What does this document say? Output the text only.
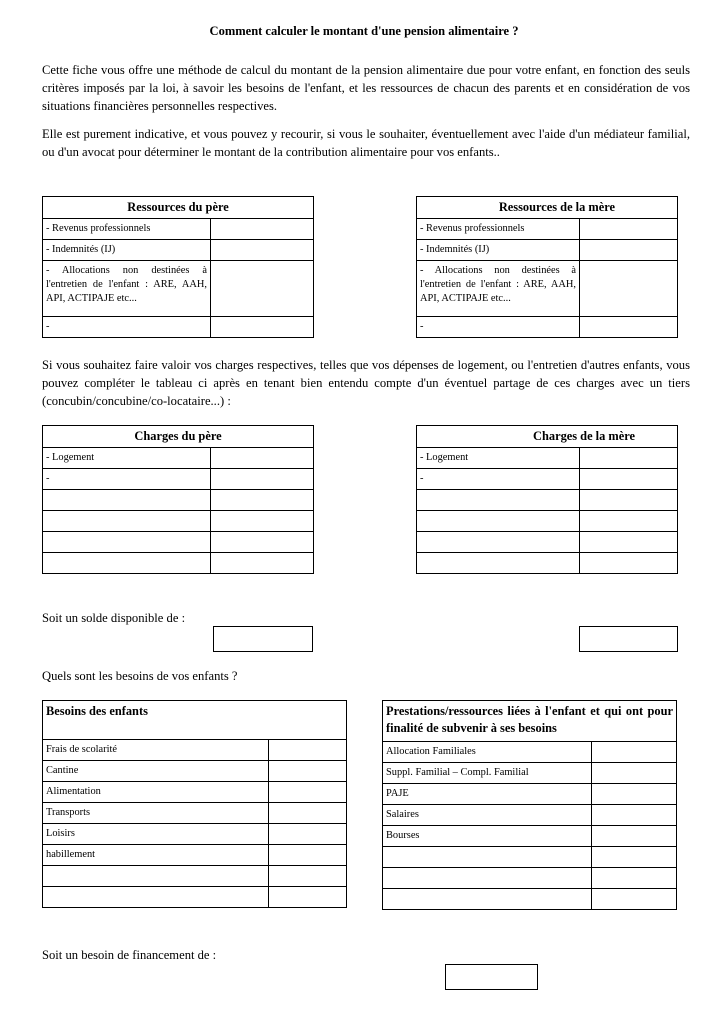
Comment calculer le montant d'une pension alimentaire ?

Cette fiche vous offre une méthode de calcul du montant de la pension alimentaire due pour votre enfant, en fonction des seuls critères imposés par la loi, à savoir les besoins de l'enfant, et les ressources de chacun des parents et en considération de vos situations financières personnelles respectives.

Elle est purement indicative, et vous pouvez y recourir, si vous le souhaiter, éventuellement avec l'aide d'un médiateur familial, ou d'un avocat pour déterminer le montant de la contribution alimentaire pour vos enfants..

Ressources du père	
- Revenus professionnels	
- Indemnités (IJ)	
- Allocations non destinées à l'entretien de l'enfant : ARE, AAH, API, ACTIPAJE etc...	
-	
Ressources de la mère	
- Revenus professionnels	
- Indemnités (IJ)	
- Allocations non destinées à l'entretien de l'enfant : ARE, AAH, API, ACTIPAJE etc...	
-	

Si vous souhaitez faire valoir vos charges respectives, telles que vos dépenses de logement, ou l'entretien d'autres enfants, vous pouvez compléter le tableau ci après en tenant bien entendu compte d'un éventuel partage de ces charges avec un tiers (concubin/concubine/co-locataire...) :

Charges du père	
- Logement	
-	

Charges de la mère	
- Logement	
-	

Soit un solde disponible de :
Quels sont les besoins de vos enfants ?
Besoins des enfants	
Frais de scolarité	
Cantine	
Alimentation	
Transports	
Loisirs	
habillement	

Prestations/ressources liées à l'enfant et qui ont pour finalité de subvenir à ses besoins	
Allocation Familiales	
Suppl. Familial – Compl. Familial	
PAJE	
Salaires	
Bourses	

Soit un besoin de financement de :
